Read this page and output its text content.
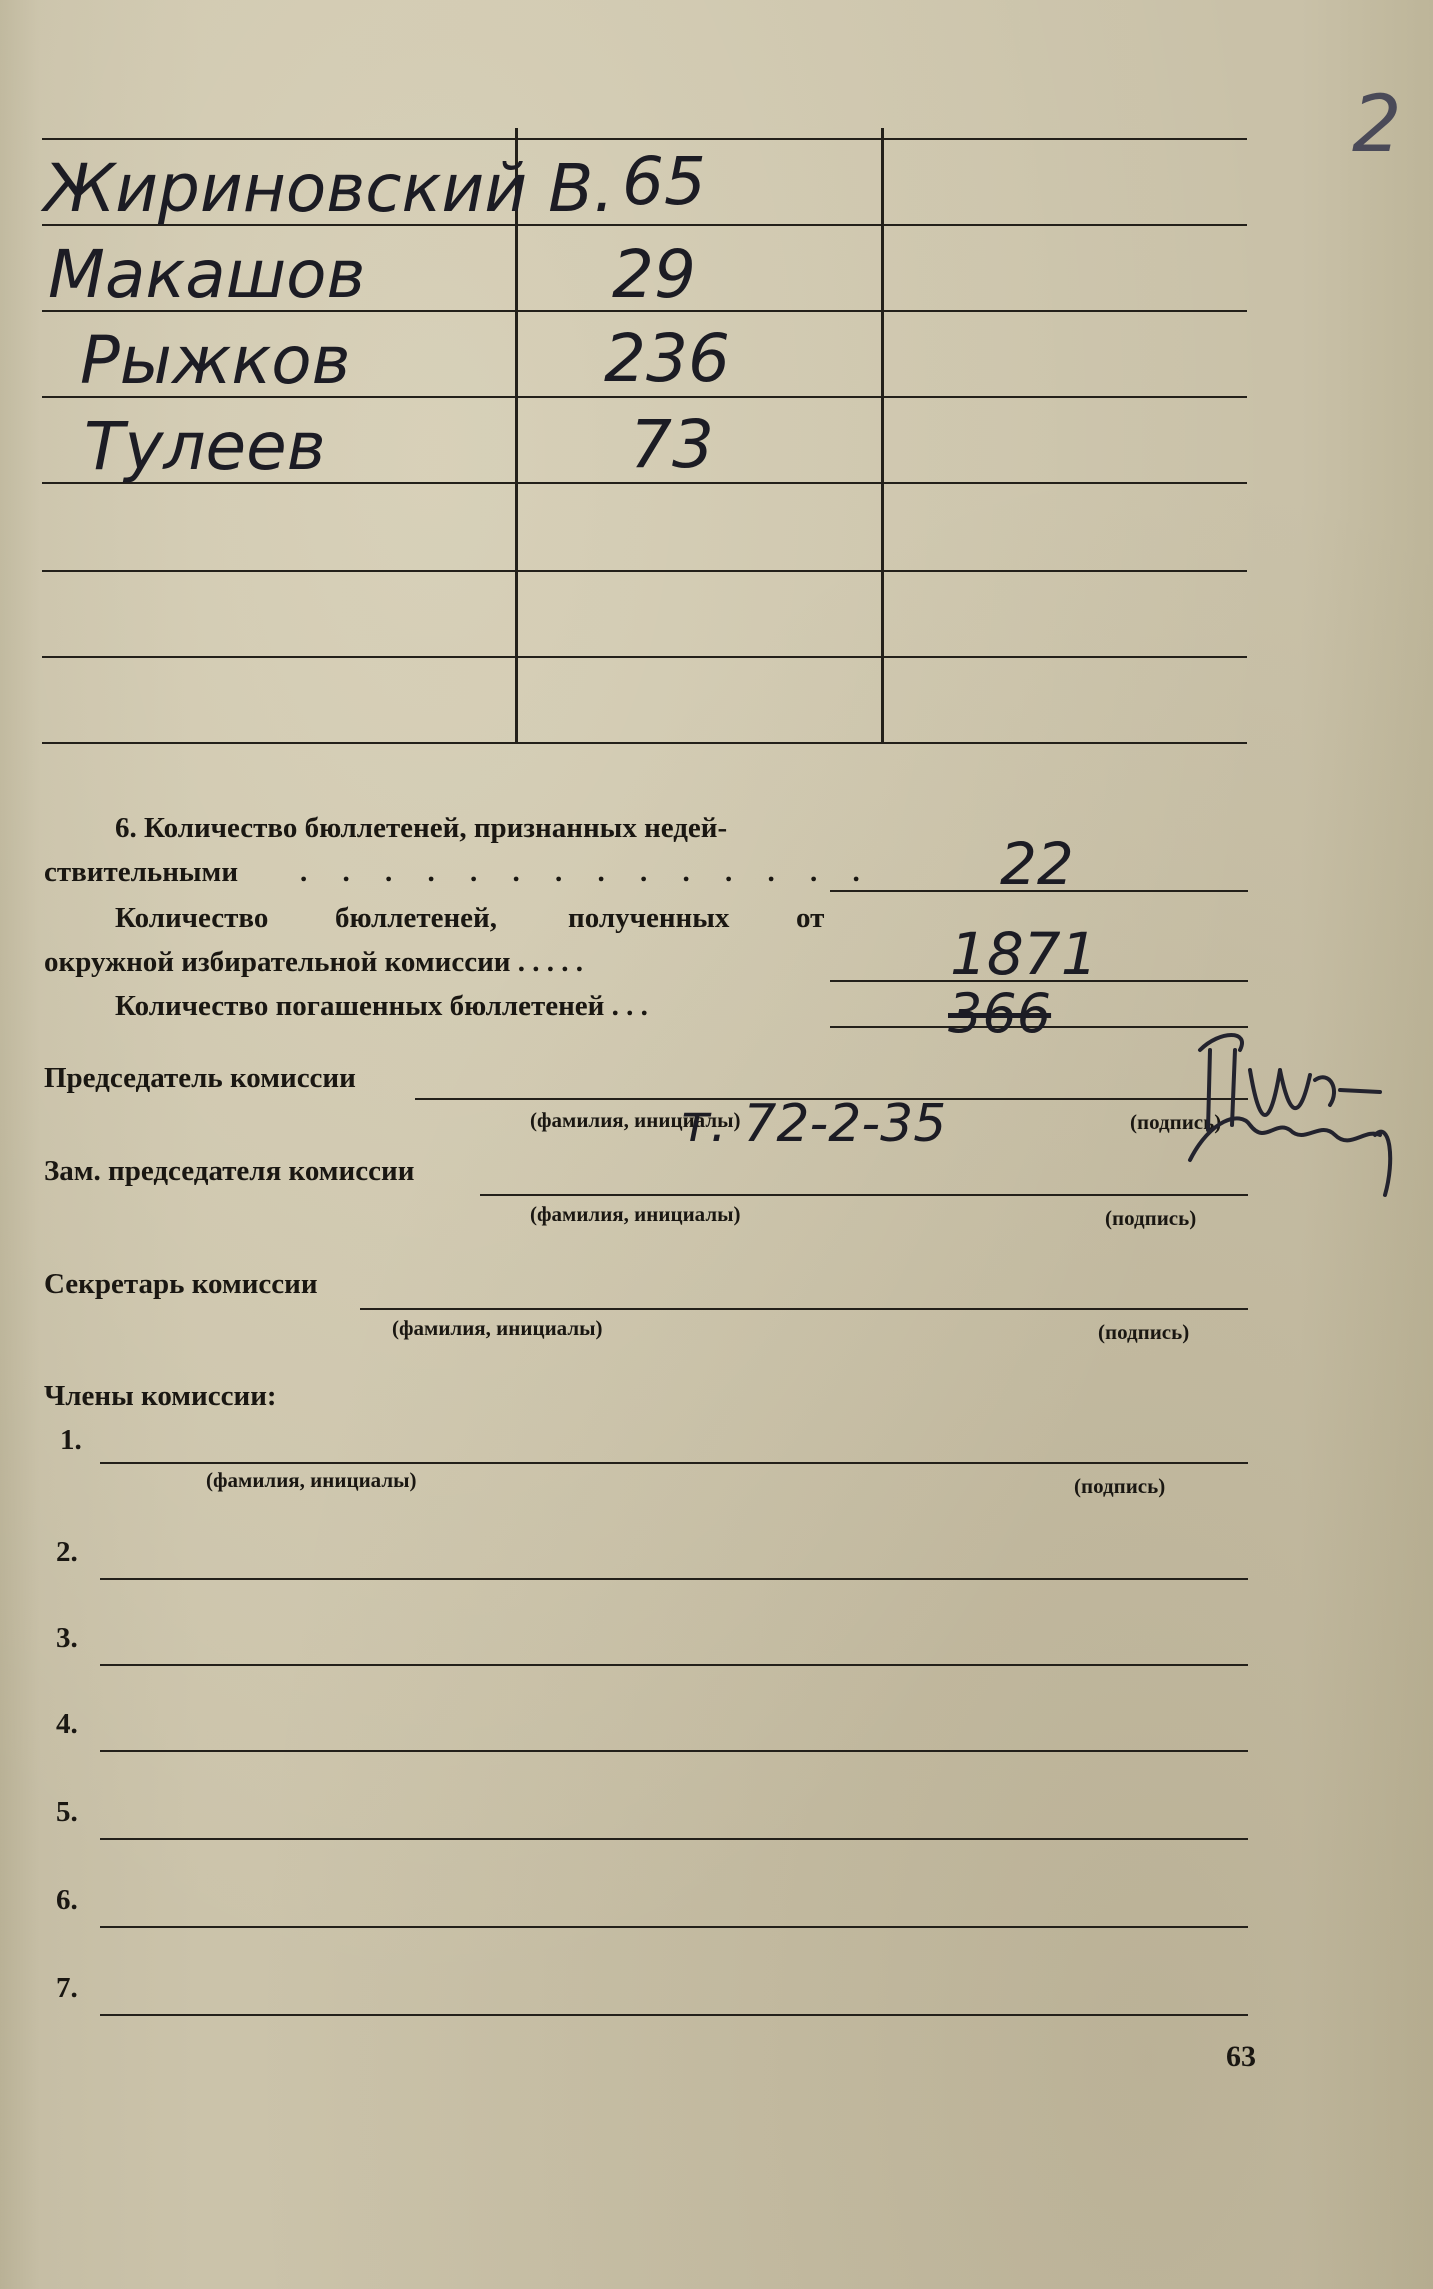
2
Жириновский В. 65
Макашов	29
Рыжков	236
Тулеев	73
6. Количество бюллетеней, признанных недей-
ствительными . . . . . . . . . . . . . . 22
Количество бюллетеней, полученных от
окружной избирательной комиссии . . . . .	1871
Количество погашенных бюллетеней . . .	366
Председатель комиссии
(фамилия, инициалы)	(подпись)
т. 72-2-35
Зам. председателя комиссии
(фамилия, инициалы)	(подпись)
Секретарь комиссии
(фамилия, инициалы)	(подпись)
Члены комиссии:
1.
(фамилия, инициалы)	(подпись)
2.
3.
4.
5.
6.
7.
63
